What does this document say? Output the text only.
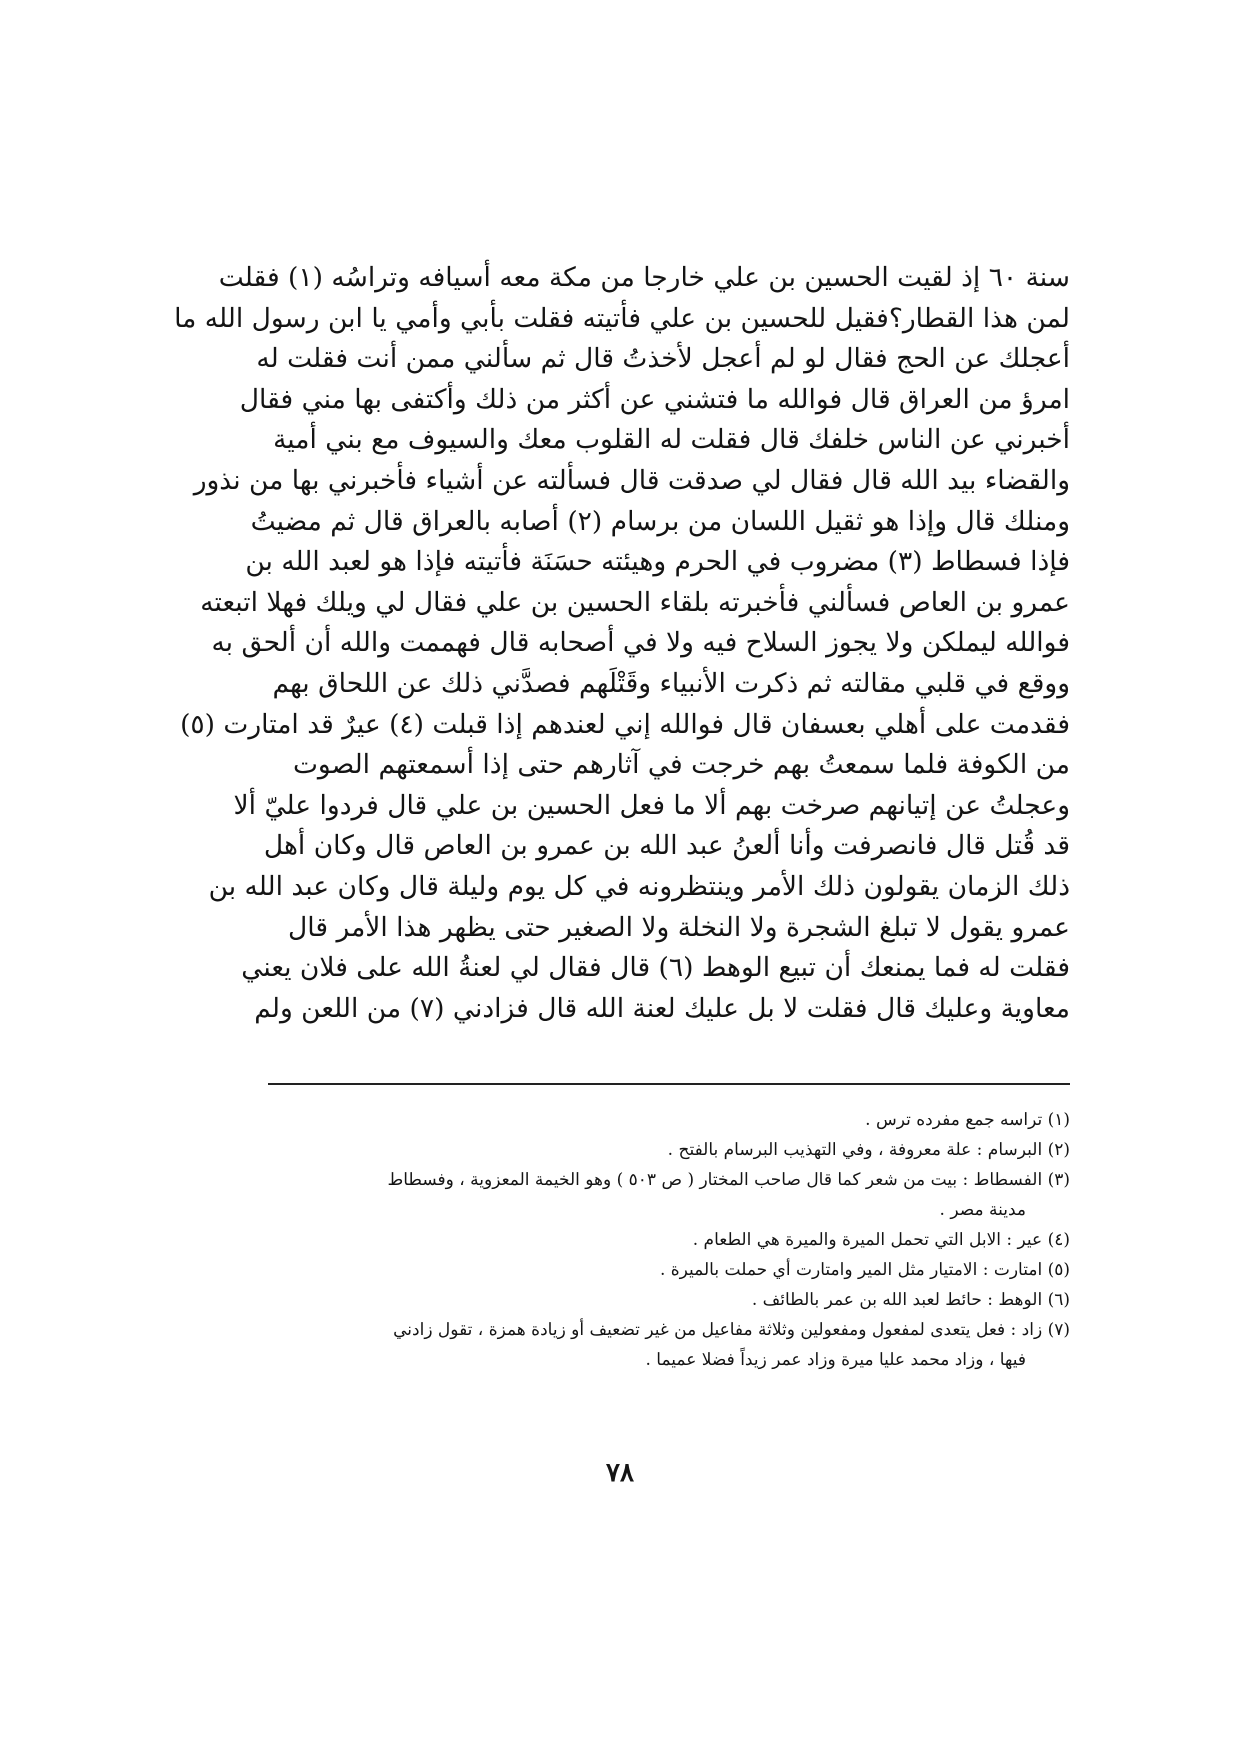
سنة ٦٠ إذ لقيت الحسين بن علي خارجا من مكة معه أسيافه وتراسُه (١) فقلت
لمن هذا القطار؟فقيل للحسين بن علي فأتيته فقلت بأبي وأمي يا ابن رسول الله ما
أعجلك عن الحج فقال لو لم أعجل لأخذتُ قال ثم سألني ممن أنت فقلت له
امرؤ من العراق قال فوالله ما فتشني عن أكثر من ذلك وأكتفى بها مني فقال
أخبرني عن الناس خلفك قال فقلت له القلوب معك والسيوف مع بني أمية
والقضاء بيد الله قال فقال لي صدقت قال فسألته عن أشياء فأخبرني بها من نذور
ومنلك قال وإذا هو ثقيل اللسان من برسام (٢) أصابه بالعراق قال ثم مضيتُ
فإذا فسطاط (٣) مضروب في الحرم وهيئته حسَنَة فأتيته فإذا هو لعبد الله بن
عمرو بن العاص فسألني فأخبرته بلقاء الحسين بن علي فقال لي ويلك فهلا اتبعته
فوالله ليملكن ولا يجوز السلاح فيه ولا في أصحابه قال فهممت والله أن ألحق به
ووقع في قلبي مقالته ثم ذكرت الأنبياء وقَتْلَهم فصدَّني ذلك عن اللحاق بهم
فقدمت على أهلي بعسفان قال فوالله إني لعندهم إذا قبلت (٤) عيرٌ قد امتارت (٥)
من الكوفة فلما سمعتُ بهم خرجت في آثارهم حتى إذا أسمعتهم الصوت
وعجلتُ عن إتيانهم صرخت بهم ألا ما فعل الحسين بن علي قال فردوا عليّ ألا
قد قُتل قال فانصرفت وأنا ألعنُ عبد الله بن عمرو بن العاص قال وكان أهل
ذلك الزمان يقولون ذلك الأمر وينتظرونه في كل يوم وليلة قال وكان عبد الله بن
عمرو يقول لا تبلغ الشجرة ولا النخلة ولا الصغير حتى يظهر هذا الأمر قال
فقلت له فما يمنعك أن تبيع الوهط (٦) قال فقال لي لعنةُ الله على فلان يعني
معاوية وعليك قال فقلت لا بل عليك لعنة الله قال فزادني (٧) من اللعن ولم
(١) تراسه جمع مفرده ترس .
(٢) البرسام : علة معروفة ، وفي التهذيب البرسام بالفتح .
(٣) الفسطاط : بيت من شعر كما قال صاحب المختار ( ص ٥٠٣ ) وهو الخيمة المعزوية ، وفسطاط
مدينة مصر .
(٤) عير : الابل التي تحمل الميرة والميرة هي الطعام .
(٥) امتارت : الامتيار مثل المير وامتارت أي حملت بالميرة .
(٦) الوهط : حائط لعبد الله بن عمر بالطائف .
(٧) زاد : فعل يتعدى لمفعول ومفعولين وثلاثة مفاعيل من غير تضعيف أو زيادة همزة ، تقول زادني
فيها ، وزاد محمد عليا ميرة وزاد عمر زيداً فضلا عميما .
٧٨
